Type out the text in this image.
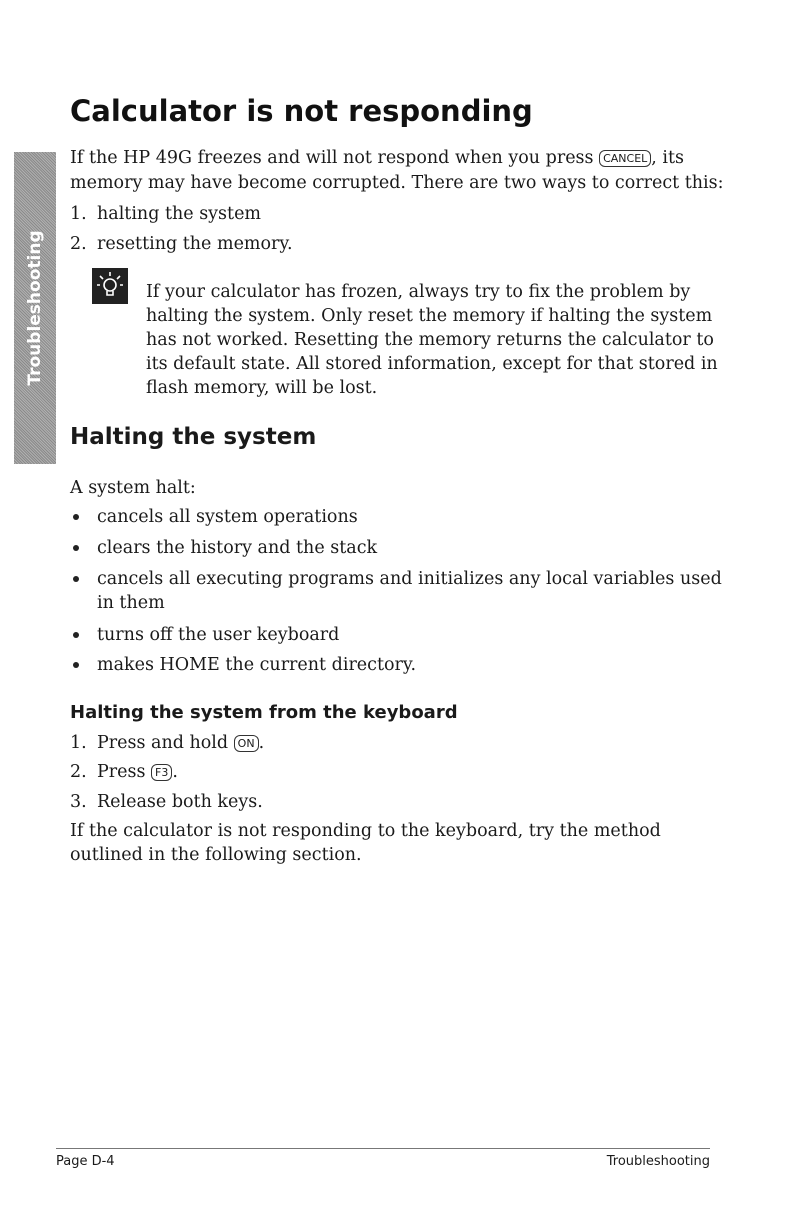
Troubleshooting
Calculator is not responding
If the HP 49G freezes and will not respond when you press CANCEL , its
memory may have become corrupted. There are two ways to correct this:
1. halting the system
2. resetting the memory.
If your calculator has frozen, always try to fix the problem by
halting the system. Only reset the memory if halting the system
has not worked. Resetting the memory returns the calculator to
its default state. All stored information, except for that stored in
flash memory, will be lost.
Halting the system
A system halt:
cancels all system operations
clears the history and the stack
cancels all executing programs and initializes any local variables used
in them
turns off the user keyboard
makes HOME the current directory.
Halting the system from the keyboard
1. Press and hold ON .
2. Press F3 .
3. Release both keys.
If the calculator is not responding to the keyboard, try the method
outlined in the following section.
Page D-4	Troubleshooting
